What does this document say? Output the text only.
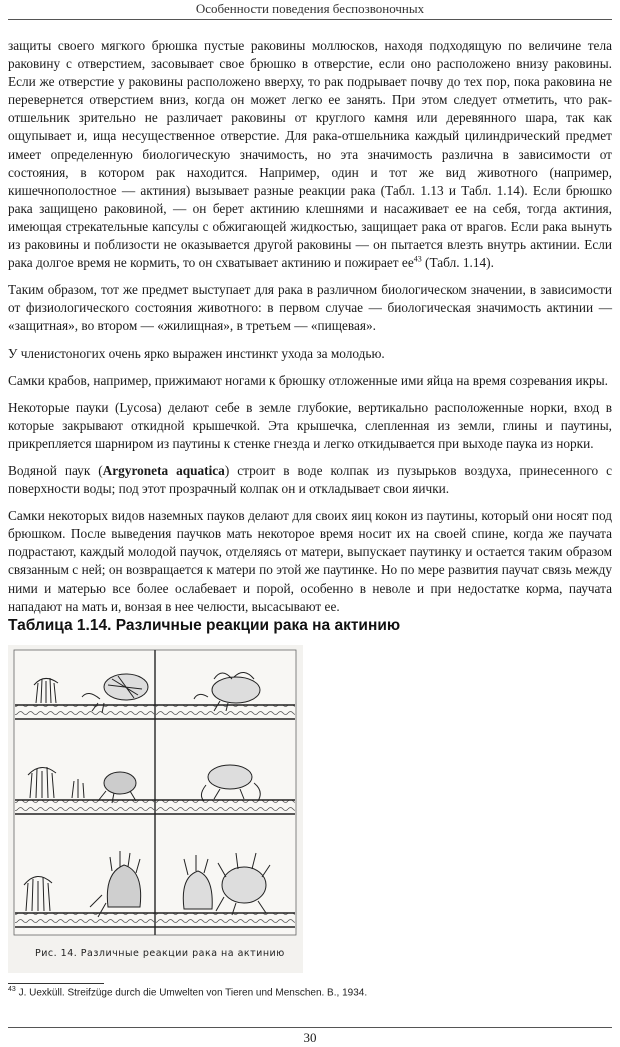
Особенности поведения беспозвоночных

защиты своего мягкого брюшка пустые раковины моллюсков, находя подходящую по величине тела раковину с отверстием, засовывает свое брюшко в отверстие, если оно расположено внизу раковины. Если же отверстие у раковины расположено вверху, то рак подрывает почву до тех пор, пока раковина не перевернется отверстием вниз, когда он может легко ее занять. При этом следует отметить, что рак-отшельник зрительно не различает раковины от круглого камня или деревянного шара, так как ощупывает и, ища несущественное отверстие. Для рака-отшельника каждый цилиндрический предмет имеет определенную биологическую значимость, но эта значимость различна в зависимости от состояния, в котором рак находится. Например, один и тот же вид животного (например, кишечнополостное — актиния) вызывает разные реакции рака (Табл. 1.13 и Табл. 1.14). Если брюшко рака защищено раковиной, — он берет актинию клешнями и насаживает ее на себя, тогда актиния, имеющая стрекательные капсулы с обжигающей жидкостью, защищает рака от врагов. Если рака вынуть из раковины и поблизости не оказывается другой раковины — он пытается влезть внутрь актинии. Если рака долгое время не кормить, то он схватывает актинию и пожирает $ее^{43}$ (Табл. 1.14).

Таким образом, тот же предмет выступает для рака в различном биологическом значении, в зависимости от физиологического состояния животного: в первом случае — биологическая значимость актинии — «защитная», во втором — «жилищная», в третьем — «пищевая».

У членистоногих очень ярко выражен инстинкт ухода за молодью.

Самки крабов, например, прижимают ногами к брюшку отложенные ими яйца на время созревания икры.

Некоторые пауки (Lycosa) делают себе в земле глубокие, вертикально расположенные норки, вход в которые закрывают откидной крышечкой. Эта крышечка, слепленная из земли, глины и паутины, прикрепляется шарниром из паутины к стенке гнезда и легко откидывается при выходе паука из норки.

Водяной паук (Argyroneta aquatica) строит в воде колпак из пузырьков воздуха, принесенного с поверхности воды; под этот прозрачный колпак он и откладывает свои яички.

Самки некоторых видов наземных пауков делают для своих яиц кокон из паутины, который они носят под брюшком. После выведения паучков мать некоторое время носит их на своей спине, когда же паучата подрастают, каждый молодой паучок, отделяясь от матери, выпускает паутинку и остается таким образом связанным с ней; он возвращается к матери по этой же паутинке. Но по мере развития паучат связь между ними и матерью все более ослабевает и порой, особенно в неволе и при недостатке корма, паучата нападают на мать и, вонзая в нее челюсти, высасывают ее.

Таблица 1.14. Различные реакции рака на актинию
Рис. 14. Различные реакции рака на актинию
$^{43}$ J. Uexküll. Streifzüge durch die Umwelten von Tieren und Menschen. B., 1934.
30
